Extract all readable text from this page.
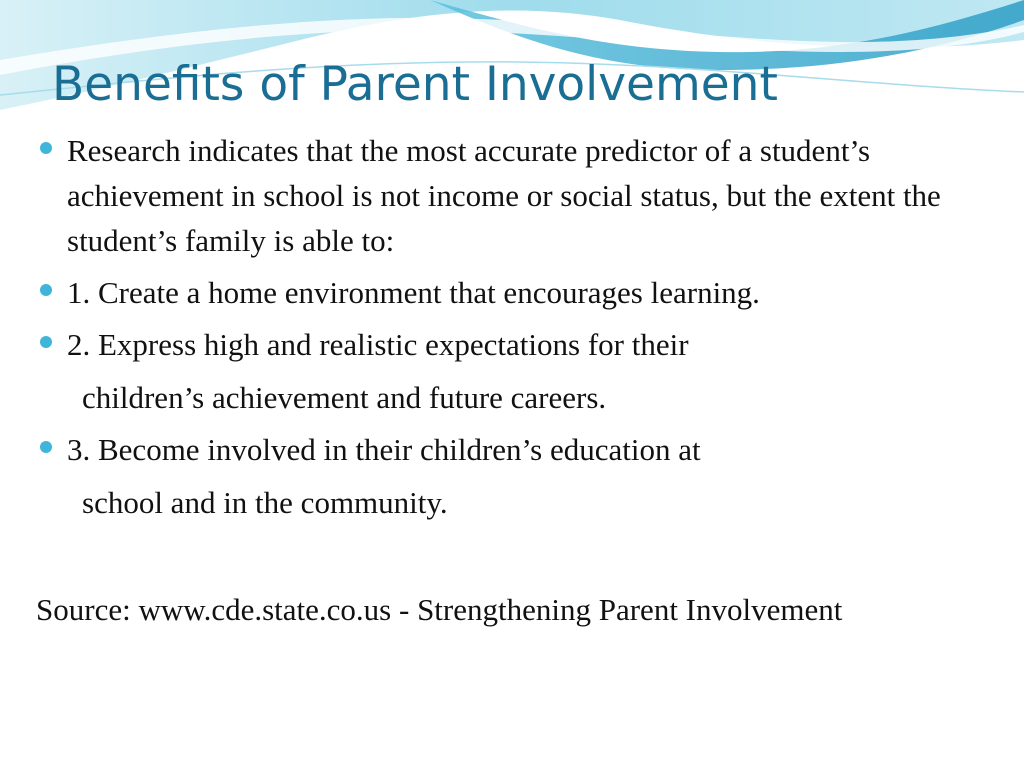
Benefits of Parent Involvement
Research indicates that the most accurate predictor of a student’s achievement in school is not income or social status, but the extent the student’s family is able to:
1. Create a home environment that encourages learning.
2. Express high and realistic expectations for their
children’s achievement and future careers.
3. Become involved in their children’s education at
school and in the community.
Source: www.cde.state.co.us - Strengthening Parent Involvement
